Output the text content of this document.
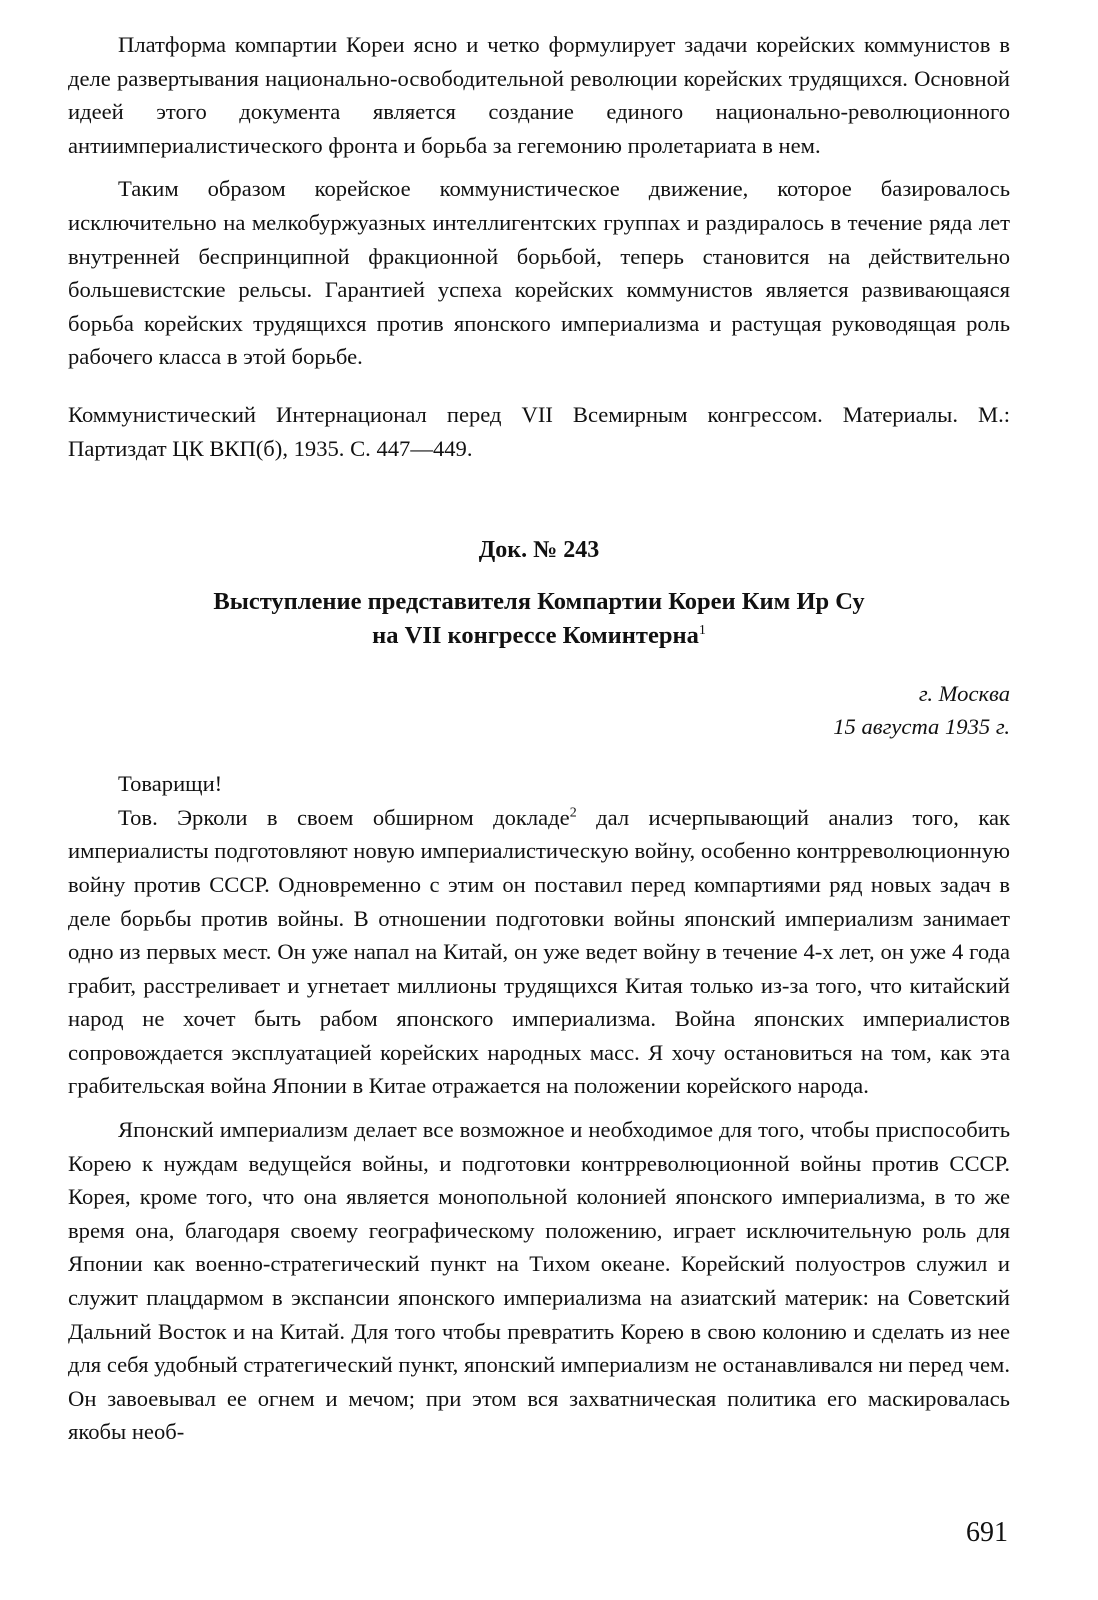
Платформа компартии Кореи ясно и четко формулирует задачи корейских коммунистов в деле развертывания национально-освободительной революции корейских трудящихся. Основной идеей этого документа является создание единого национально-революционного антиимпериалистического фронта и борьба за гегемонию пролетариата в нем.

Таким образом корейское коммунистическое движение, которое базировалось исключительно на мелкобуржуазных интеллигентских группах и раздиралось в течение ряда лет внутренней беспринципной фракционной борьбой, теперь становится на действительно большевистские рельсы. Гарантией успеха корейских коммунистов является развивающаяся борьба корейских трудящихся против японского империализма и растущая руководящая роль рабочего класса в этой борьбе.

Коммунистический Интернационал перед VII Всемирным конгрессом. Материалы. М.: Партиздат ЦК ВКП(б), 1935. С. 447—449.

Док. № 243
Выступление представителя Компартии Кореи Ким Ир Су
на VII конгрессе Коминтерна$^1$
г. Москва
15 августа 1935 г.

Товарищи!

Тов. Эрколи в своем обширном докладе$^2$ дал исчерпывающий анализ того, как империалисты подготовляют новую империалистическую войну, особенно контрреволюционную войну против СССР. Одновременно с этим он поставил перед компартиями ряд новых задач в деле борьбы против войны. В отношении подготовки войны японский империализм занимает одно из первых мест. Он уже напал на Китай, он уже ведет войну в течение 4-х лет, он уже 4 года грабит, расстреливает и угнетает миллионы трудящихся Китая только из-за того, что китайский народ не хочет быть рабом японского империализма. Война японских империалистов сопровождается эксплуатацией корейских народных масс. Я хочу остановиться на том, как эта грабительская война Японии в Китае отражается на положении корейского народа.

Японский империализм делает все возможное и необходимое для того, чтобы приспособить Корею к нуждам ведущейся войны, и подготовки контрреволюционной войны против СССР. Корея, кроме того, что она является монопольной колонией японского империализма, в то же время она, благодаря своему географическому положению, играет исключительную роль для Японии как военно-стратегический пункт на Тихом океане. Корейский полуостров служил и служит плацдармом в экспансии японского империализма на азиатский материк: на Советский Дальний Восток и на Китай. Для того чтобы превратить Корею в свою колонию и сделать из нее для себя удобный стратегический пункт, японский империализм не останавливался ни перед чем. Он завоевывал ее огнем и мечом; при этом вся захватническая политика его маскировалась якобы необ-

691
